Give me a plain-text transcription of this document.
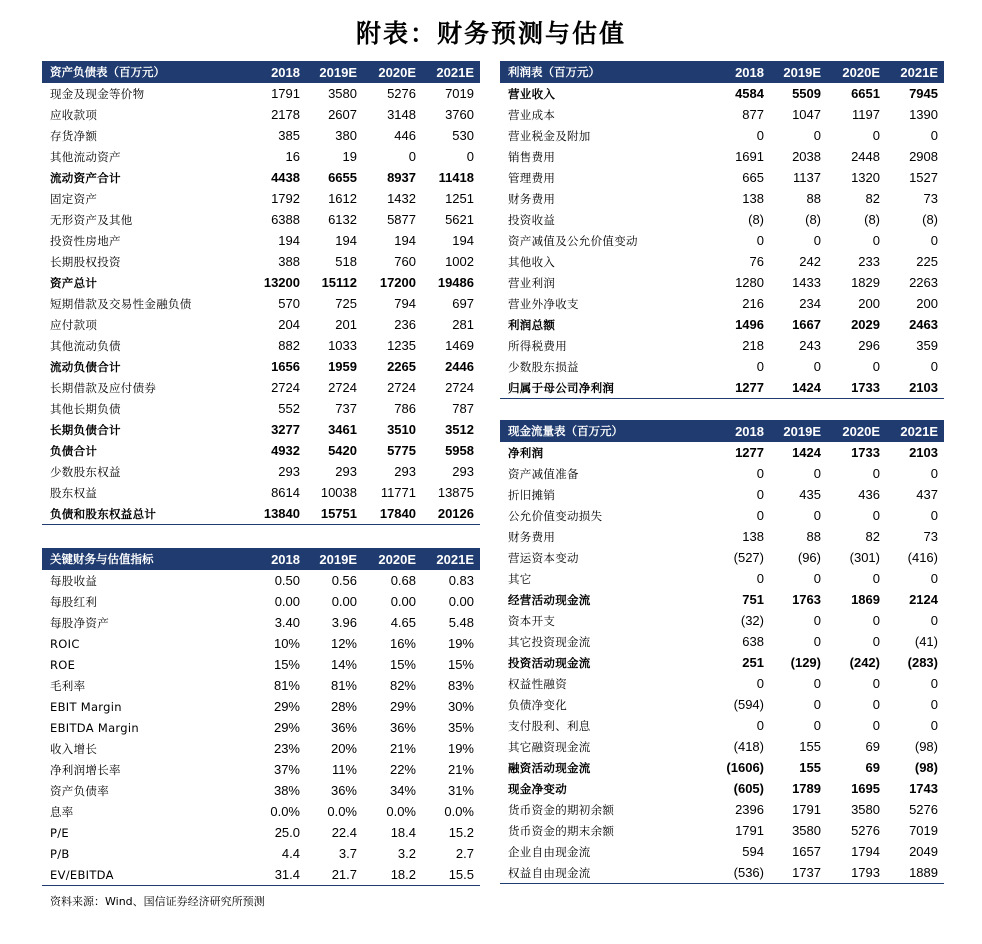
附表：财务预测与估值
资产负债表（百万元）	2018	2019E	2020E	2021E
现金及现金等价物	1791	3580	5276	7019
应收款项	2178	2607	3148	3760
存货净额	385	380	446	530
其他流动资产	16	19	0	0
流动资产合计	4438	6655	8937	11418
固定资产	1792	1612	1432	1251
无形资产及其他	6388	6132	5877	5621
投资性房地产	194	194	194	194
长期股权投资	388	518	760	1002
资产总计	13200	15112	17200	19486
短期借款及交易性金融负债	570	725	794	697
应付款项	204	201	236	281
其他流动负债	882	1033	1235	1469
流动负债合计	1656	1959	2265	2446
长期借款及应付债券	2724	2724	2724	2724
其他长期负债	552	737	786	787
长期负债合计	3277	3461	3510	3512
负债合计	4932	5420	5775	5958
少数股东权益	293	293	293	293
股东权益	8614	10038	11771	13875
负债和股东权益总计	13840	15751	17840	20126
关键财务与估值指标	2018	2019E	2020E	2021E
每股收益	0.50	0.56	0.68	0.83
每股红利	0.00	0.00	0.00	0.00
每股净资产	3.40	3.96	4.65	5.48
ROIC	10%	12%	16%	19%
ROE	15%	14%	15%	15%
毛利率	81%	81%	82%	83%
EBIT Margin	29%	28%	29%	30%
EBITDA Margin	29%	36%	36%	35%
收入增长	23%	20%	21%	19%
净利润增长率	37%	11%	22%	21%
资产负债率	38%	36%	34%	31%
息率	0.0%	0.0%	0.0%	0.0%
P/E	25.0	22.4	18.4	15.2
P/B	4.4	3.7	3.2	2.7
EV/EBITDA	31.4	21.7	18.2	15.5
利润表（百万元）	2018	2019E	2020E	2021E
营业收入	4584	5509	6651	7945
营业成本	877	1047	1197	1390
营业税金及附加	0	0	0	0
销售费用	1691	2038	2448	2908
管理费用	665	1137	1320	1527
财务费用	138	88	82	73
投资收益	(8)	(8)	(8)	(8)
资产减值及公允价值变动	0	0	0	0
其他收入	76	242	233	225
营业利润	1280	1433	1829	2263
营业外净收支	216	234	200	200
利润总额	1496	1667	2029	2463
所得税费用	218	243	296	359
少数股东损益	0	0	0	0
归属于母公司净利润	1277	1424	1733	2103
现金流量表（百万元）	2018	2019E	2020E	2021E
净利润	1277	1424	1733	2103
资产减值准备	0	0	0	0
折旧摊销	0	435	436	437
公允价值变动损失	0	0	0	0
财务费用	138	88	82	73
营运资本变动	(527)	(96)	(301)	(416)
其它	0	0	0	0
经营活动现金流	751	1763	1869	2124
资本开支	(32)	0	0	0
其它投资现金流	638	0	0	(41)
投资活动现金流	251	(129)	(242)	(283)
权益性融资	0	0	0	0
负债净变化	(594)	0	0	0
支付股利、利息	0	0	0	0
其它融资现金流	(418)	155	69	(98)
融资活动现金流	(1606)	155	69	(98)
现金净变动	(605)	1789	1695	1743
货币资金的期初余额	2396	1791	3580	5276
货币资金的期末余额	1791	3580	5276	7019
企业自由现金流	594	1657	1794	2049
权益自由现金流	(536)	1737	1793	1889
资料来源：Wind、国信证券经济研究所预测
